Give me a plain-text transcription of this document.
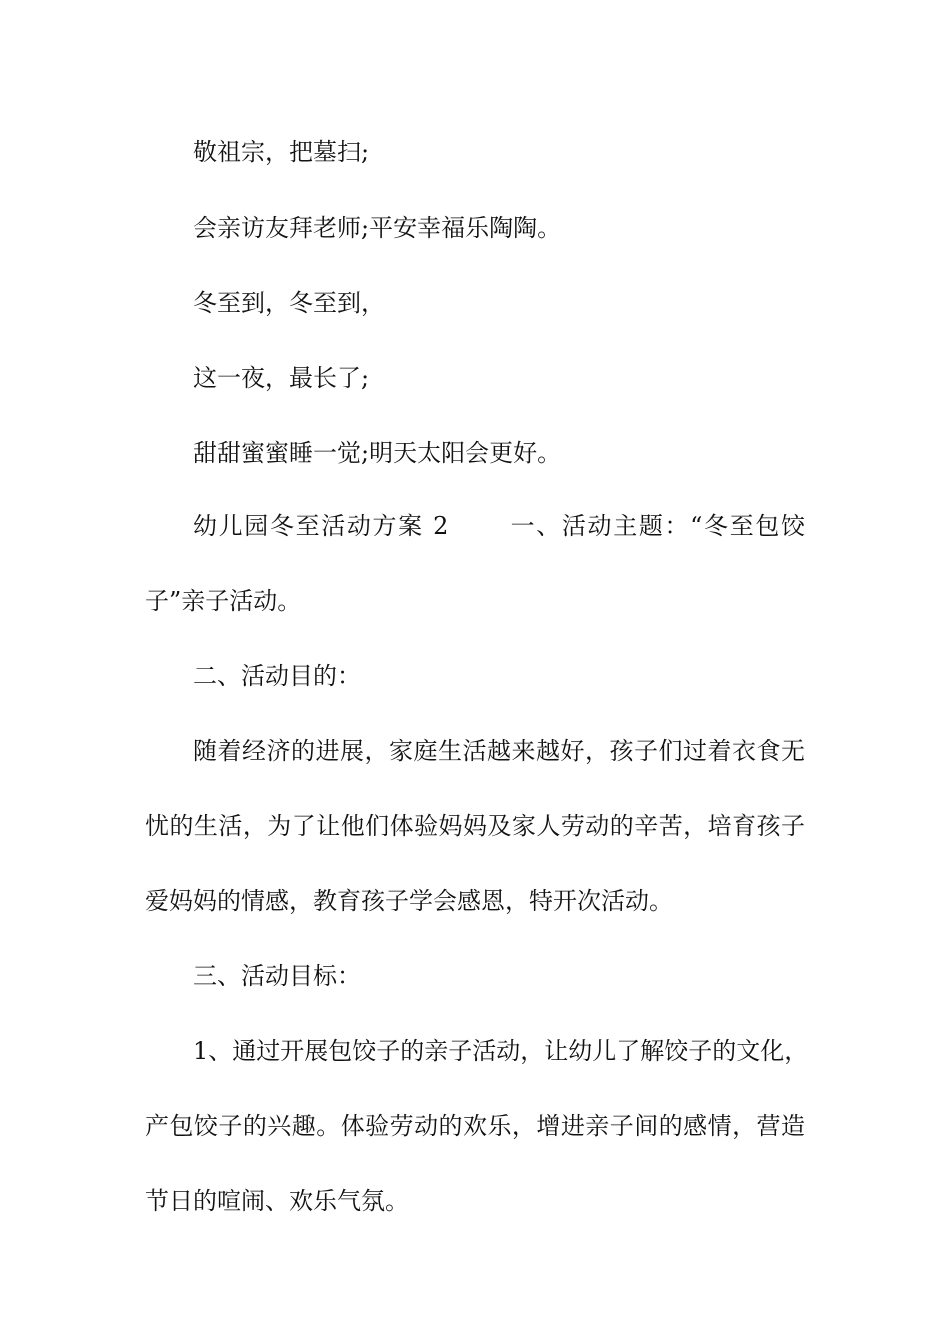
敬祖宗，把墓扫;

会亲访友拜老师;平安幸福乐陶陶。

冬至到，冬至到，

这一夜，最长了;

甜甜蜜蜜睡一觉;明天太阳会更好。

幼儿园冬至活动方案 2　　 一、活动主题：“冬至包饺

子”亲子活动。

二、活动目的：

随着经济的进展，家庭生活越来越好，孩子们过着衣食无

忧的生活，为了让他们体验妈妈及家人劳动的辛苦，培育孩子

爱妈妈的情感，教育孩子学会感恩，特开次活动。

三、活动目标：

1、通过开展包饺子的亲子活动，让幼儿了解饺子的文化，

产包饺子的兴趣。体验劳动的欢乐，增进亲子间的感情，营造

节日的喧闹、欢乐气氛。
